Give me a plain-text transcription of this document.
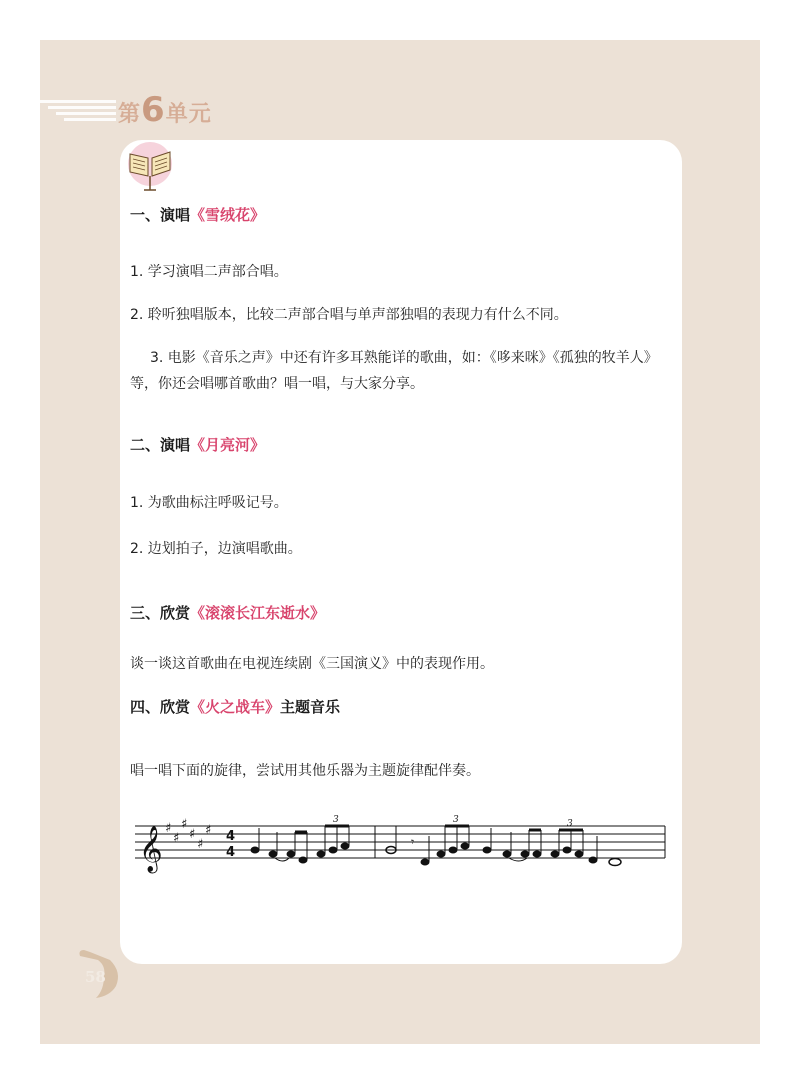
第6单元
一、演唱《雪绒花》
1. 学习演唱二声部合唱。
2. 聆听独唱版本，比较二声部合唱与单声部独唱的表现力有什么不同。
3. 电影《音乐之声》中还有许多耳熟能详的歌曲，如：《哆来咪》《孤独的牧羊人》等，你还会唱哪首歌曲？唱一唱，与大家分享。
二、演唱《月亮河》
1. 为歌曲标注呼吸记号。
2. 边划拍子，边演唱歌曲。
三、欣赏《滚滚长江东逝水》
谈一谈这首歌曲在电视连续剧《三国演义》中的表现作用。
四、欣赏《火之战车》主题音乐
唱一唱下面的旋律，尝试用其他乐器为主题旋律配伴奏。
𝄞 ♯
♯
♯
♯
♯
♯ 4
4
𝄾
3	3	3
58
